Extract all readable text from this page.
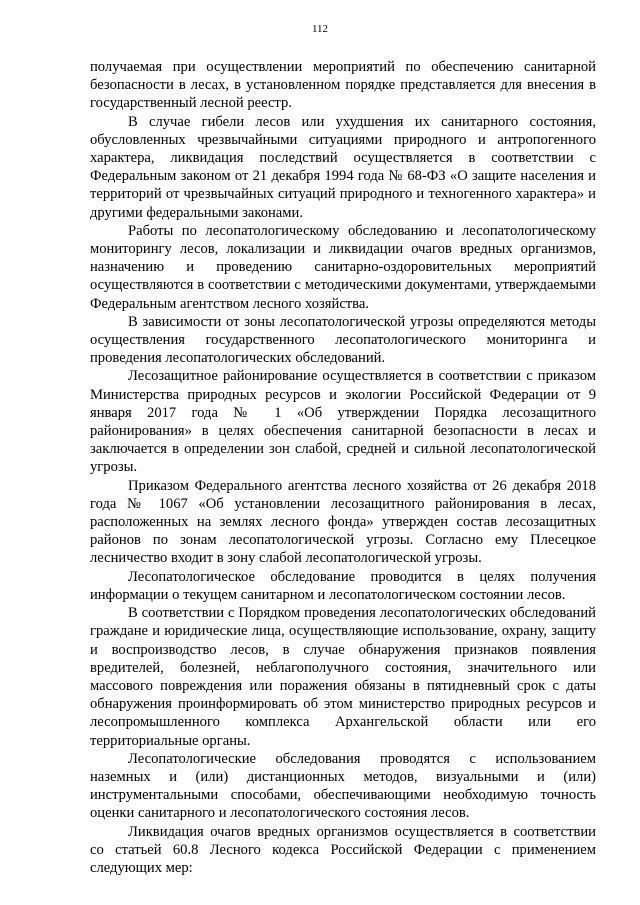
112

получаемая при осуществлении мероприятий по обеспечению санитарной безопасности в лесах, в установленном порядке представляется для внесения в государственный лесной реестр.

В случае гибели лесов или ухудшения их санитарного состояния, обусловленных чрезвычайными ситуациями природного и антропогенного характера, ликвидация последствий осуществляется в соответствии с Федеральным законом от 21 декабря 1994 года № 68-ФЗ «О защите населения и территорий от чрезвычайных ситуаций природного и техногенного характера» и другими федеральными законами.

Работы по лесопатологическому обследованию и лесопатологическому мониторингу лесов, локализации и ликвидации очагов вредных организмов, назначению и проведению санитарно-оздоровительных мероприятий осуществляются в соответствии с методическими документами, утверждаемыми Федеральным агентством лесного хозяйства.

В зависимости от зоны лесопатологической угрозы определяются методы осуществления государственного лесопатологического мониторинга и проведения лесопатологических обследований.

Лесозащитное районирование осуществляется в соответствии с приказом Министерства природных ресурсов и экологии Российской Федерации от 9 января 2017 года № 1 «Об утверждении Порядка лесозащитного районирования» в целях обеспечения санитарной безопасности в лесах и заключается в определении зон слабой, средней и сильной лесопатологической угрозы.

Приказом Федерального агентства лесного хозяйства от 26 декабря 2018 года № 1067 «Об установлении лесозащитного районирования в лесах, расположенных на землях лесного фонда» утвержден состав лесозащитных районов по зонам лесопатологической угрозы. Согласно ему Плесецкое лесничество входит в зону слабой лесопатологической угрозы.

Лесопатологическое обследование проводится в целях получения информации о текущем санитарном и лесопатологическом состоянии лесов.

В соответствии с Порядком проведения лесопатологических обследований граждане и юридические лица, осуществляющие использование, охрану, защиту и воспроизводство лесов, в случае обнаружения признаков появления вредителей, болезней, неблагополучного состояния, значительного или массового повреждения или поражения обязаны в пятидневный срок с даты обнаружения проинформировать об этом министерство природных ресурсов и лесопромышленного комплекса Архангельской области или его территориальные органы.

Лесопатологические обследования проводятся с использованием наземных и (или) дистанционных методов, визуальными и (или) инструментальными способами, обеспечивающими необходимую точность оценки санитарного и лесопатологического состояния лесов.

Ликвидация очагов вредных организмов осуществляется в соответствии со статьей 60.8 Лесного кодекса Российской Федерации с применением следующих мер:
